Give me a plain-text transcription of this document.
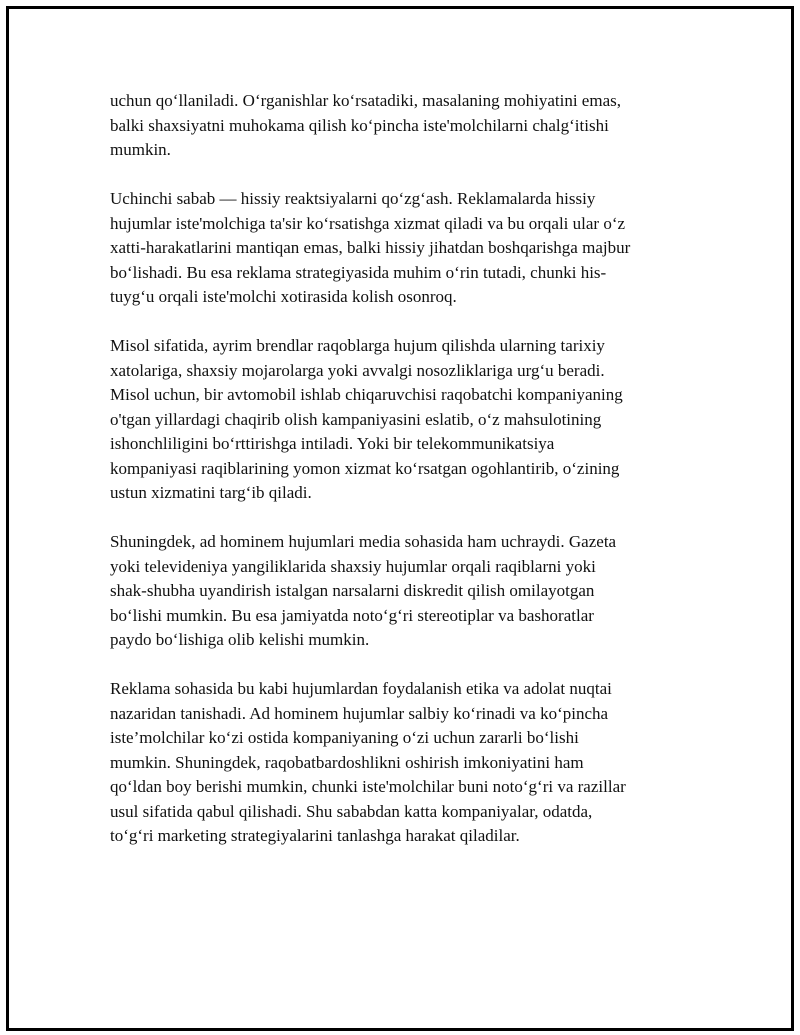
uchun qo‘llaniladi. O‘rganishlar ko‘rsatadiki, masalaning mohiyatini emas,
balki shaxsiyatni muhokama qilish ko‘pincha iste'molchilarni chalg‘itishi
mumkin.

Uchinchi sabab — hissiy reaktsiyalarni qo‘zg‘ash. Reklamalarda hissiy
hujumlar iste'molchiga ta'sir ko‘rsatishga xizmat qiladi va bu orqali ular o‘z
xatti-harakatlarini mantiqan emas, balki hissiy jihatdan boshqarishga majbur
bo‘lishadi. Bu esa reklama strategiyasida muhim o‘rin tutadi, chunki his-
tuyg‘u orqali iste'molchi xotirasida kolish osonroq.

Misol sifatida, ayrim brendlar raqoblarga hujum qilishda ularning tarixiy
xatolariga, shaxsiy mojarolarga yoki avvalgi nosozliklariga urg‘u beradi.
Misol uchun, bir avtomobil ishlab chiqaruvchisi raqobatchi kompaniyaning
o'tgan yillardagi chaqirib olish kampaniyasini eslatib, o‘z mahsulotining
ishonchliligini bo‘rttirishga intiladi. Yoki bir telekommunikatsiya
kompaniyasi raqiblarining yomon xizmat ko‘rsatgan ogohlantirib, o‘zining
ustun xizmatini targ‘ib qiladi.

Shuningdek, ad hominem hujumlari media sohasida ham uchraydi. Gazeta
yoki televideniya yangiliklarida shaxsiy hujumlar orqali raqiblarni yoki
shak-shubha uyandirish istalgan narsalarni diskredit qilish omilayotgan
bo‘lishi mumkin. Bu esa jamiyatda noto‘g‘ri stereotiplar va bashoratlar
paydo bo‘lishiga olib kelishi mumkin.

Reklama sohasida bu kabi hujumlardan foydalanish etika va adolat nuqtai
nazaridan tanishadi. Ad hominem hujumlar salbiy ko‘rinadi va ko‘pincha
iste’molchilar ko‘zi ostida kompaniyaning o‘zi uchun zararli bo‘lishi
mumkin. Shuningdek, raqobatbardoshlikni oshirish imkoniyatini ham
qo‘ldan boy berishi mumkin, chunki iste'molchilar buni noto‘g‘ri va razillar
usul sifatida qabul qilishadi. Shu sababdan katta kompaniyalar, odatda,
to‘g‘ri marketing strategiyalarini tanlashga harakat qiladilar.
